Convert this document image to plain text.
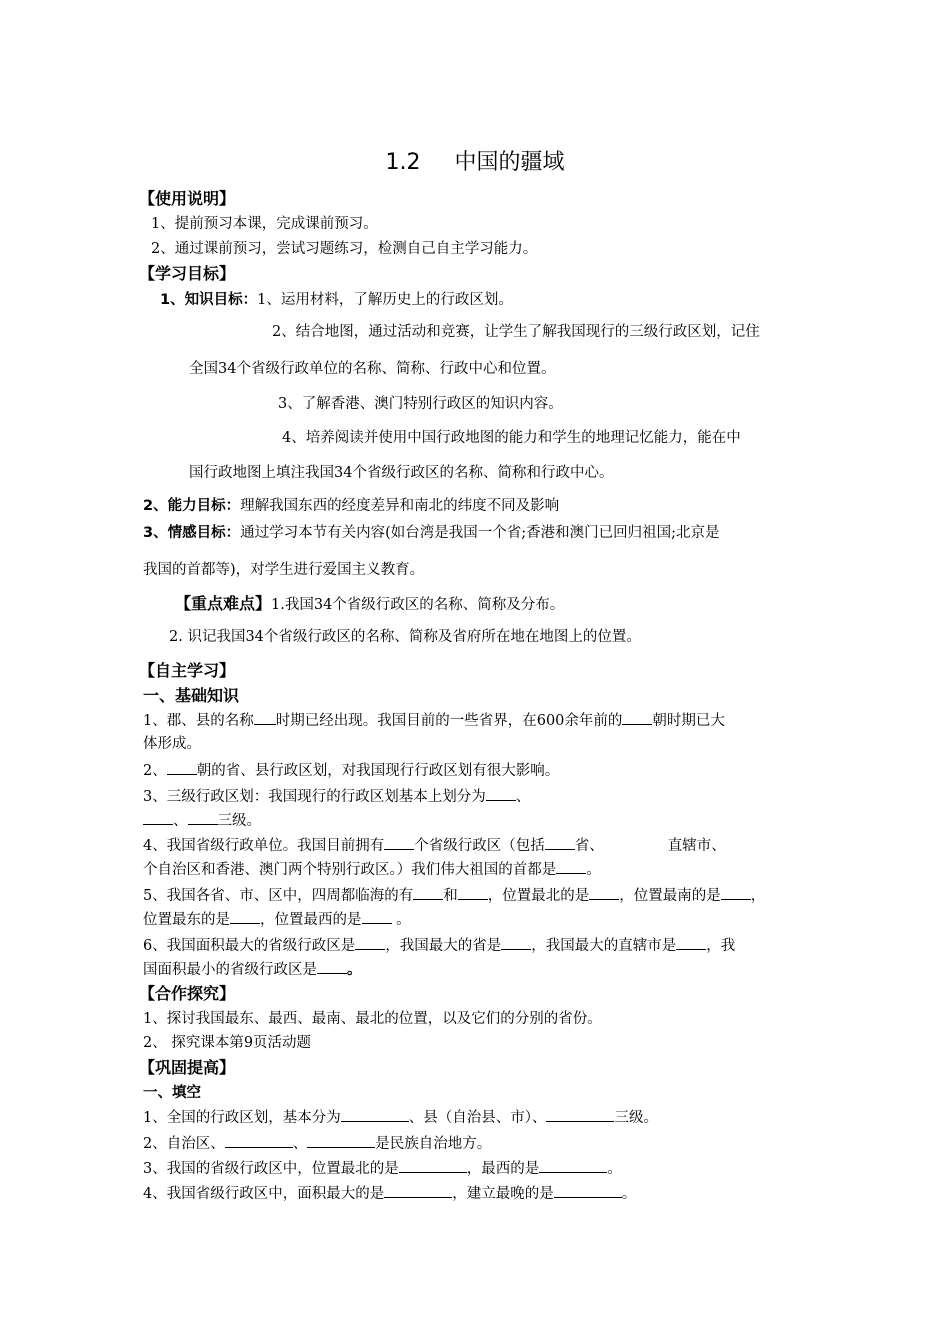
1.2 中国的疆域
【使用说明】
1、提前预习本课，完成课前预习。
2、通过课前预习，尝试习题练习，检测自己自主学习能力。
【学习目标】
1、知识目标：1、运用材料，了解历史上的行政区划。
2、结合地图，通过活动和竞赛，让学生了解我国现行的三级行政区划，记住
全国34个省级行政单位的名称、简称、行政中心和位置。
3、了解香港、澳门特别行政区的知识内容。
4、培养阅读并使用中国行政地图的能力和学生的地理记忆能力，能在中
国行政地图上填注我国34个省级行政区的名称、简称和行政中心。
2、能力目标：理解我国东西的经度差异和南北的纬度不同及影响
3、情感目标：通过学习本节有关内容(如台湾是我国一个省;香港和澳门已回归祖国;北京是
我国的首都等)，对学生进行爱国主义教育。
【重点难点】1.我国34个省级行政区的名称、简称及分布。
2. 识记我国34个省级行政区的名称、简称及省府所在地在地图上的位置。
【自主学习】
一、基础知识
1、郡、县的名称 时期已经出现。我国目前的一些省界，在600余年前的 朝时期已大
体形成。
2、 朝的省、县行政区划，对我国现行行政区划有很大影响。
3、三级行政区划：我国现行的行政区划基本上划分为 、
、 三级。
4、我国省级行政单位。我国目前拥有 个省级行政区（包括 省、	直辖市、
个自治区和香港、澳门两个特别行政区。）我们伟大祖国的首都是 。
5、我国各省、市、区中，四周都临海的有 和 ，位置最北的是 ，位置最南的是 ，
位置最东的是 ，位置最西的是 。
6、我国面积最大的省级行政区是 ，我国最大的省是 ，我国最大的直辖市是 ，我
国面积最小的省级行政区是 。
【合作探究】
1、探讨我国最东、最西、最南、最北的位置，以及它们的分别的省份。
2、 探究课本第9页活动题
【巩固提高】
一、填空
1、全国的行政区划，基本分为	、县（自治县、市）、	三级。
2、自治区、	、	是民族自治地方。
3、我国的省级行政区中，位置最北的是	，最西的是	。
4、我国省级行政区中，面积最大的是	，建立最晚的是	。
